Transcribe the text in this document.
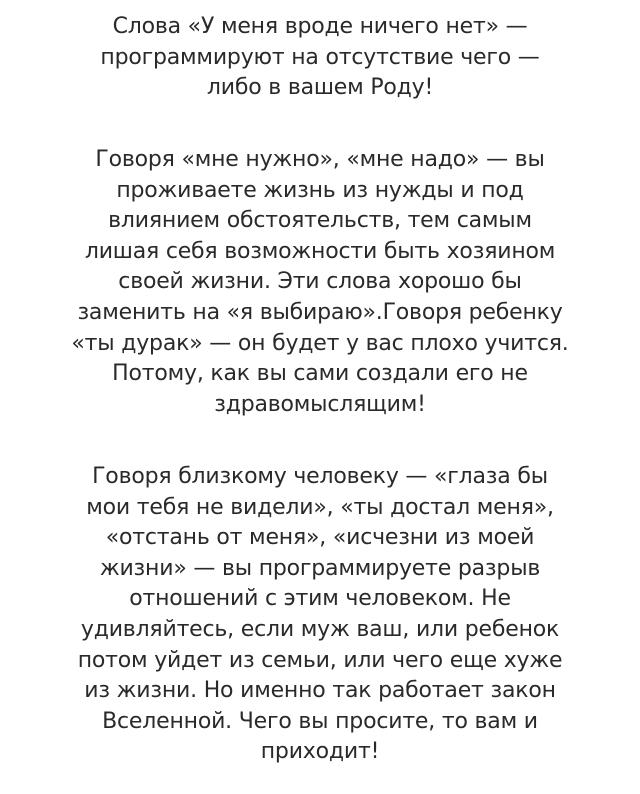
Слова «У меня вроде ничего нет» —
программируют на отсутствие чего —
либо в вашем Роду!
Говоря «мне нужно», «мне надо» — вы
проживаете жизнь из нужды и под
влиянием обстоятельств, тем самым
лишая себя возможности быть хозяином
своей жизни. Эти слова хорошо бы
заменить на «я выбираю».Говоря ребенку
«ты дурак» — он будет у вас плохо учится.
Потому, как вы сами создали его не
здравомыслящим!
Говоря близкому человеку — «глаза бы
мои тебя не видели», «ты достал меня»,
«отстань от меня», «исчезни из моей
жизни» — вы программируете разрыв
отношений с этим человеком. Не
удивляйтесь, если муж ваш, или ребенок
потом уйдет из семьи, или чего еще хуже
из жизни. Но именно так работает закон
Вселенной. Чего вы просите, то вам и
приходит!
